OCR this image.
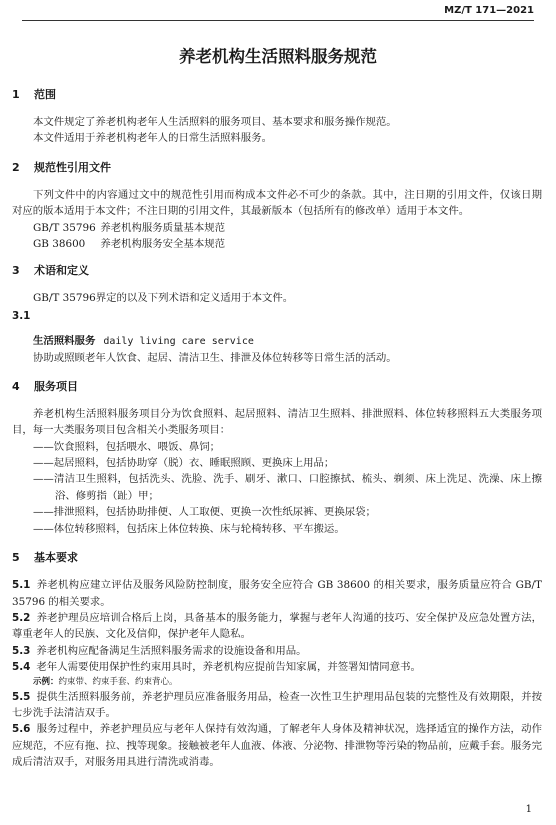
MZ/T 171—2021
养老机构生活照料服务规范
1 范围
本文件规定了养老机构老年人生活照料的服务项目、基本要求和服务操作规范。
本文件适用于养老机构老年人的日常生活照料服务。
2 规范性引用文件
下列文件中的内容通过文中的规范性引用而构成本文件必不可少的条款。其中，注日期的引用文件，仅该日期对应的版本适用于本文件；不注日期的引用文件，其最新版本（包括所有的修改单）适用于本文件。
GB/T 35796 养老机构服务质量基本规范
GB 38600 养老机构服务安全基本规范
3 术语和定义
GB/T 35796界定的以及下列术语和定义适用于本文件。
3.1
生活照料服务 daily living care service
协助或照顾老年人饮食、起居、清洁卫生、排泄及体位转移等日常生活的活动。
4 服务项目
养老机构生活照料服务项目分为饮食照料、起居照料、清洁卫生照料、排泄照料、体位转移照料五大类服务项目，每一大类服务项目包含相关小类服务项目：
——饮食照料，包括喂水、喂饭、鼻饲；
——起居照料，包括协助穿（脱）衣、睡眠照顾、更换床上用品；
——清洁卫生照料，包括洗头、洗脸、洗手、刷牙、漱口、口腔擦拭、梳头、剃须、床上洗足、洗澡、床上擦浴、修剪指（趾）甲；
——排泄照料，包括协助排便、人工取便、更换一次性纸尿裤、更换尿袋；
——体位转移照料，包括床上体位转换、床与轮椅转移、平车搬运。
5 基本要求
5.1 养老机构应建立评估及服务风险防控制度，服务安全应符合 GB 38600 的相关要求，服务质量应符合 GB/T 35796 的相关要求。
5.2 养老护理员应培训合格后上岗，具备基本的服务能力，掌握与老年人沟通的技巧、安全保护及应急处置方法，尊重老年人的民族、文化及信仰，保护老年人隐私。
5.3 养老机构应配备满足生活照料服务需求的设施设备和用品。
5.4 老年人需要使用保护性约束用具时，养老机构应提前告知家属，并签署知情同意书。
示例：约束带、约束手套、约束背心。
5.5 提供生活照料服务前，养老护理员应准备服务用品，检查一次性卫生护理用品包装的完整性及有效期限，并按七步洗手法清洁双手。
5.6 服务过程中，养老护理员应与老年人保持有效沟通，了解老年人身体及精神状况，选择适宜的操作方法，动作应规范，不应有拖、拉、拽等现象。接触被老年人血液、体液、分泌物、排泄物等污染的物品前，应戴手套。服务完成后清洁双手，对服务用具进行清洗或消毒。
1
